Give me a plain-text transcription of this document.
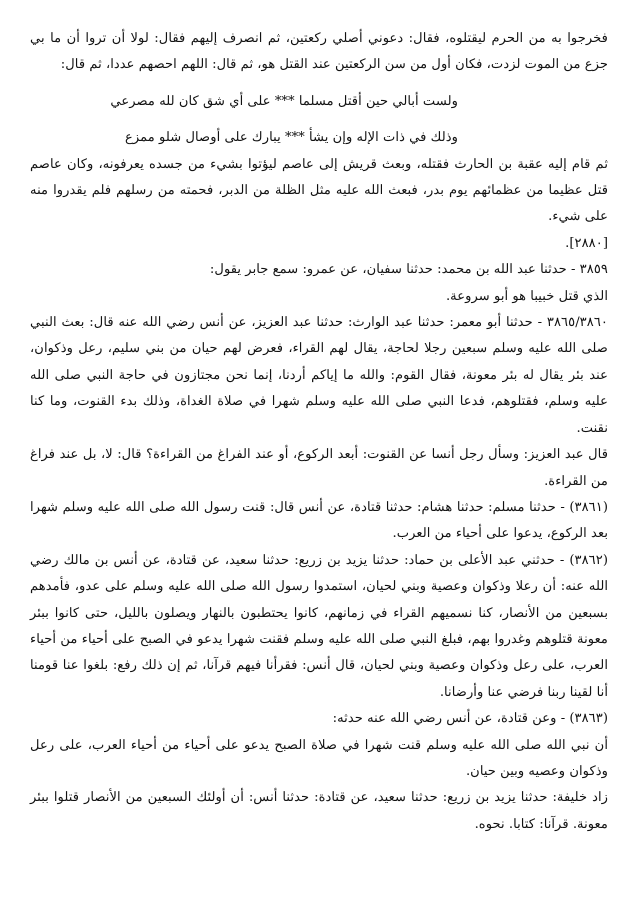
فخرجوا به من الحرم ليقتلوه، فقال: دعوني أصلي ركعتين، ثم انصرف إليهم فقال: لولا أن تروا أن ما بي جزع من الموت لزدت، فكان أول من سن الركعتين عند القتل هو، ثم قال: اللهم احصهم عددا، ثم قال:

ولست أبالي حين أقتل مسلما *** على أي شق كان لله مصرعي

وذلك في ذات الإله وإن يشأ *** يبارك على أوصال شلو ممزع

ثم قام إليه عقبة بن الحارث فقتله، وبعث قريش إلى عاصم ليؤتوا بشيء من جسده يعرفونه، وكان عاصم قتل عظيما من عظمائهم يوم بدر، فبعث الله عليه مثل الظلة من الدبر، فحمته من رسلهم فلم يقدروا منه على شيء.

[٢٨٨٠].

٣٨٥٩ - حدثنا عبد الله بن محمد: حدثنا سفيان، عن عمرو: سمع جابر يقول:

الذي قتل خبيبا هو أبو سروعة.

٣٨٦٥/٣٨٦٠ - حدثنا أبو معمر: حدثنا عبد الوارث: حدثنا عبد العزيز، عن أنس رضي الله عنه قال: بعث النبي صلى الله عليه وسلم سبعين رجلا لحاجة، يقال لهم القراء، فعرض لهم حيان من بني سليم، رعل وذكوان، عند بئر يقال له بئر معونة، فقال القوم: والله ما إياكم أردنا، إنما نحن مجتازون في حاجة النبي صلى الله عليه وسلم، فقتلوهم، فدعا النبي صلى الله عليه وسلم شهرا في صلاة الغداة، وذلك بدء القنوت، وما كنا نقنت.

قال عبد العزيز: وسأل رجل أنسا عن القنوت: أبعد الركوع، أو عند الفراغ من القراءة؟ قال: لا، بل عند فراغ من القراءة.

(٣٨٦١) - حدثنا مسلم: حدثنا هشام: حدثنا قتادة، عن أنس قال: قنت رسول الله صلى الله عليه وسلم شهرا بعد الركوع، يدعوا على أحياء من العرب.

(٣٨٦٢) - حدثني عبد الأعلى بن حماد: حدثنا يزيد بن زريع: حدثنا سعيد، عن قتادة، عن أنس بن مالك رضي الله عنه: أن رعلا وذكوان وعصية وبني لحيان، استمدوا رسول الله صلى الله عليه وسلم على عدو، فأمدهم بسبعين من الأنصار، كنا نسميهم القراء في زمانهم، كانوا يحتطبون بالنهار ويصلون بالليل، حتى كانوا ببئر معونة قتلوهم وغدروا بهم، فبلغ النبي صلى الله عليه وسلم فقنت شهرا يدعو في الصبح على أحياء من أحياء العرب، على رعل وذكوان وعصية وبني لحيان، قال أنس: فقرأنا فيهم قرآنا، ثم إن ذلك رفع: بلغوا عنا قومنا أنا لقينا ربنا فرضي عنا وأرضانا.

(٣٨٦٣) - وعن قتادة، عن أنس رضي الله عنه حدثه:

أن نبي الله صلى الله عليه وسلم قنت شهرا في صلاة الصبح يدعو على أحياء من أحياء العرب، على رعل وذكوان وعصيه وبين حيان.

زاد خليفة: حدثنا يزيد بن زريع: حدثنا سعيد، عن قتادة: حدثنا أنس: أن أولئك السبعين من الأنصار قتلوا ببئر معونة. قرآنا: كتابا. نحوه.
